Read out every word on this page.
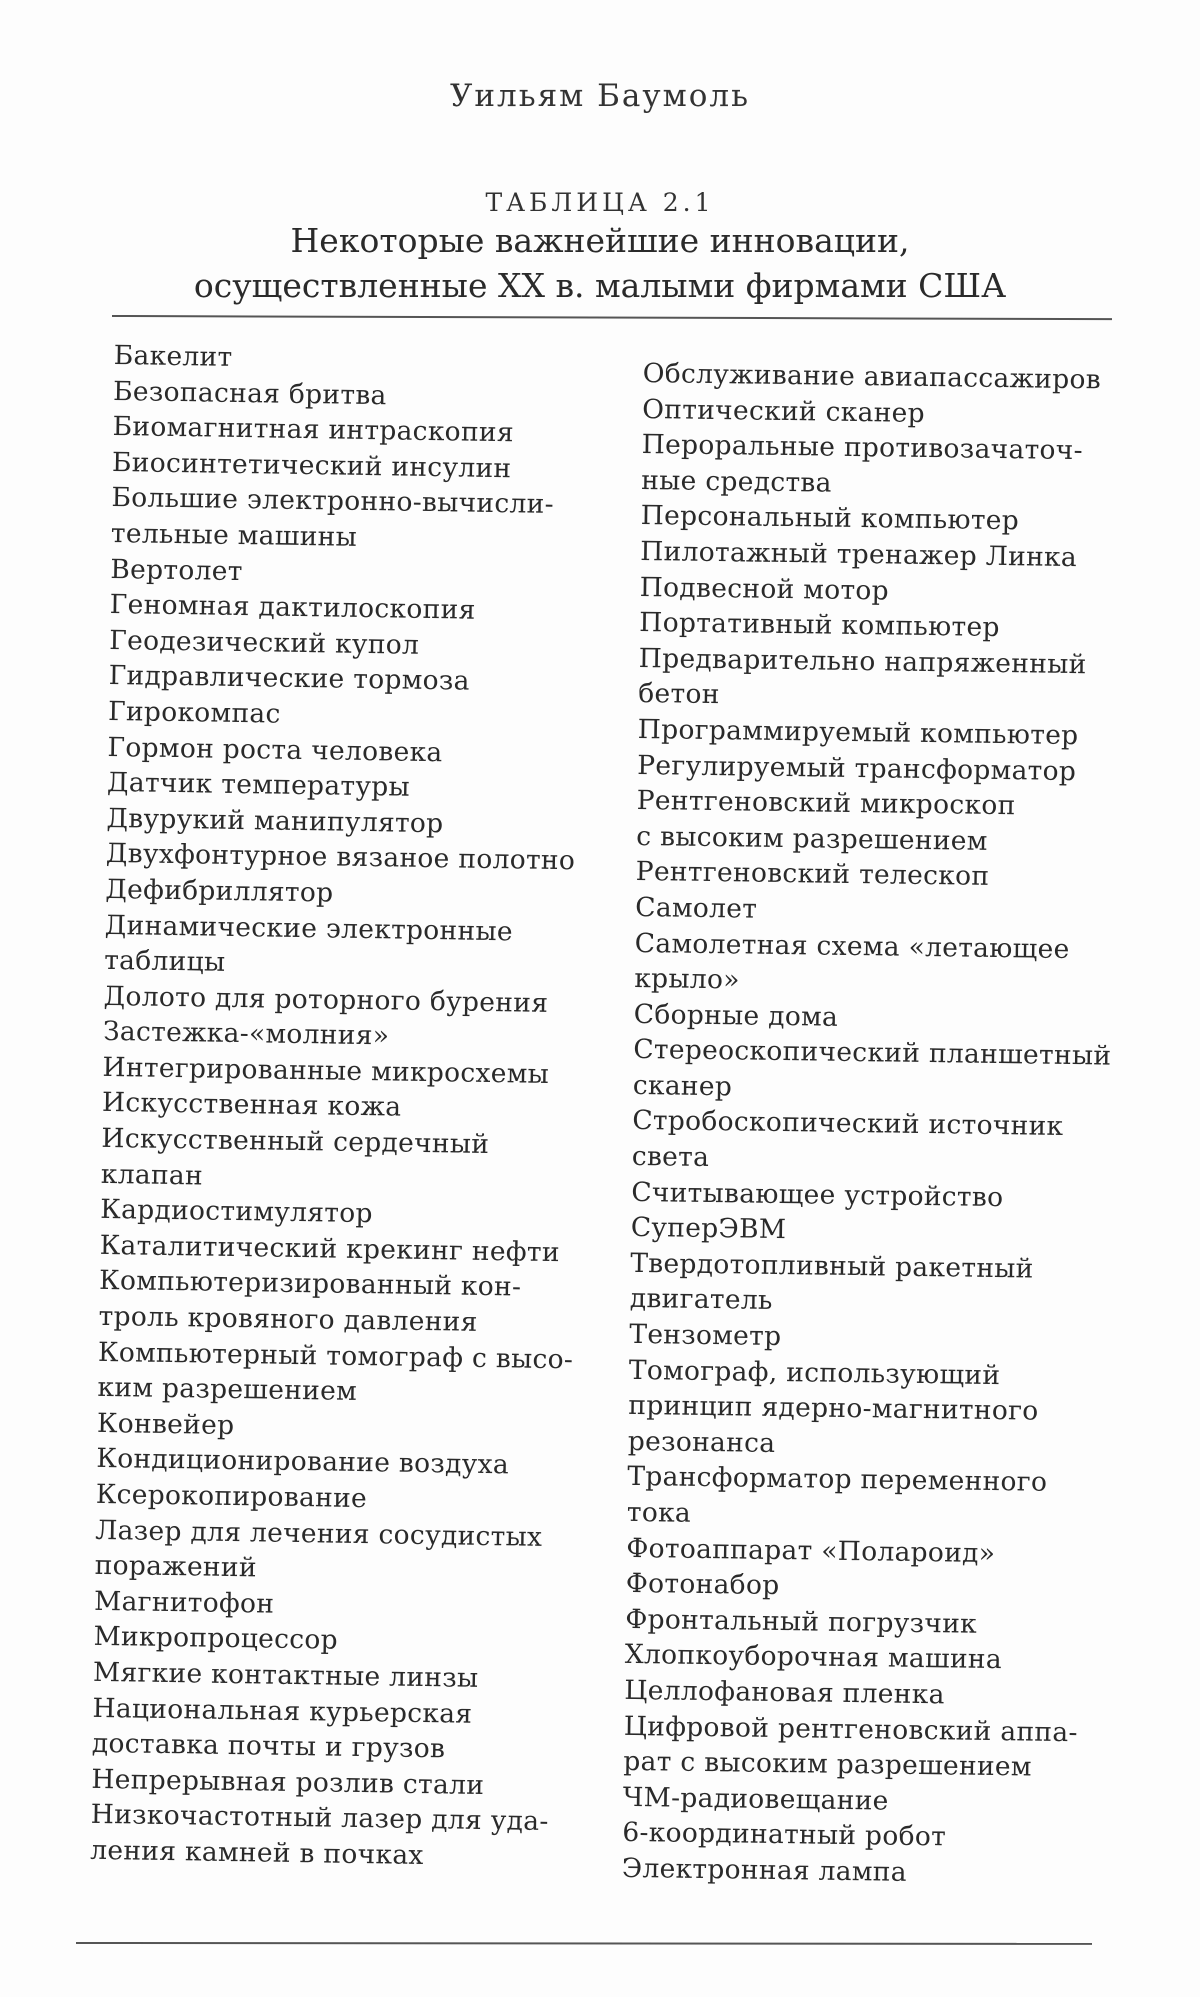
Уильям Баумоль
ТАБЛИЦА 2.1
Некоторые важнейшие инновации,
осуществленные XX в. малыми фирмами США
Бакелит
Безопасная бритва
Биомагнитная интраскопия
Биосинтетический инсулин
Большие электронно-вычисли-
тельные машины
Вертолет
Геномная дактилоскопия
Геодезический купол
Гидравлические тормоза
Гирокомпас
Гормон роста человека
Датчик температуры
Двурукий манипулятор
Двухфонтурное вязаное полотно
Дефибриллятор
Динамические электронные
таблицы
Долото для роторного бурения
Застежка-«молния»
Интегрированные микросхемы
Искусственная кожа
Искусственный сердечный
клапан
Кардиостимулятор
Каталитический крекинг нефти
Компьютеризированный кон-
троль кровяного давления
Компьютерный томограф с высо-
ким разрешением
Конвейер
Кондиционирование воздуха
Ксерокопирование
Лазер для лечения сосудистых
поражений
Магнитофон
Микропроцессор
Мягкие контактные линзы
Национальная курьерская
доставка почты и грузов
Непрерывная розлив стали
Низкочастотный лазер для уда-
ления камней в почках
Обслуживание авиапассажиров
Оптический сканер
Пероральные противозачаточ-
ные средства
Персональный компьютер
Пилотажный тренажер Линка
Подвесной мотор
Портативный компьютер
Предварительно напряженный
бетон
Программируемый компьютер
Регулируемый трансформатор
Рентгеновский микроскоп
с высоким разрешением
Рентгеновский телескоп
Самолет
Самолетная схема «летающее
крыло»
Сборные дома
Стереоскопический планшетный
сканер
Стробоскопический источник
света
Считывающее устройство
СуперЭВМ
Твердотопливный ракетный
двигатель
Тензометр
Томограф, использующий
принцип ядерно-магнитного
резонанса
Трансформатор переменного
тока
Фотоаппарат «Полароид»
Фотонабор
Фронтальный погрузчик
Хлопкоуборочная машина
Целлофановая пленка
Цифровой рентгеновский аппа-
рат с высоким разрешением
ЧМ-радиовещание
6-координатный робот
Электронная лампа
